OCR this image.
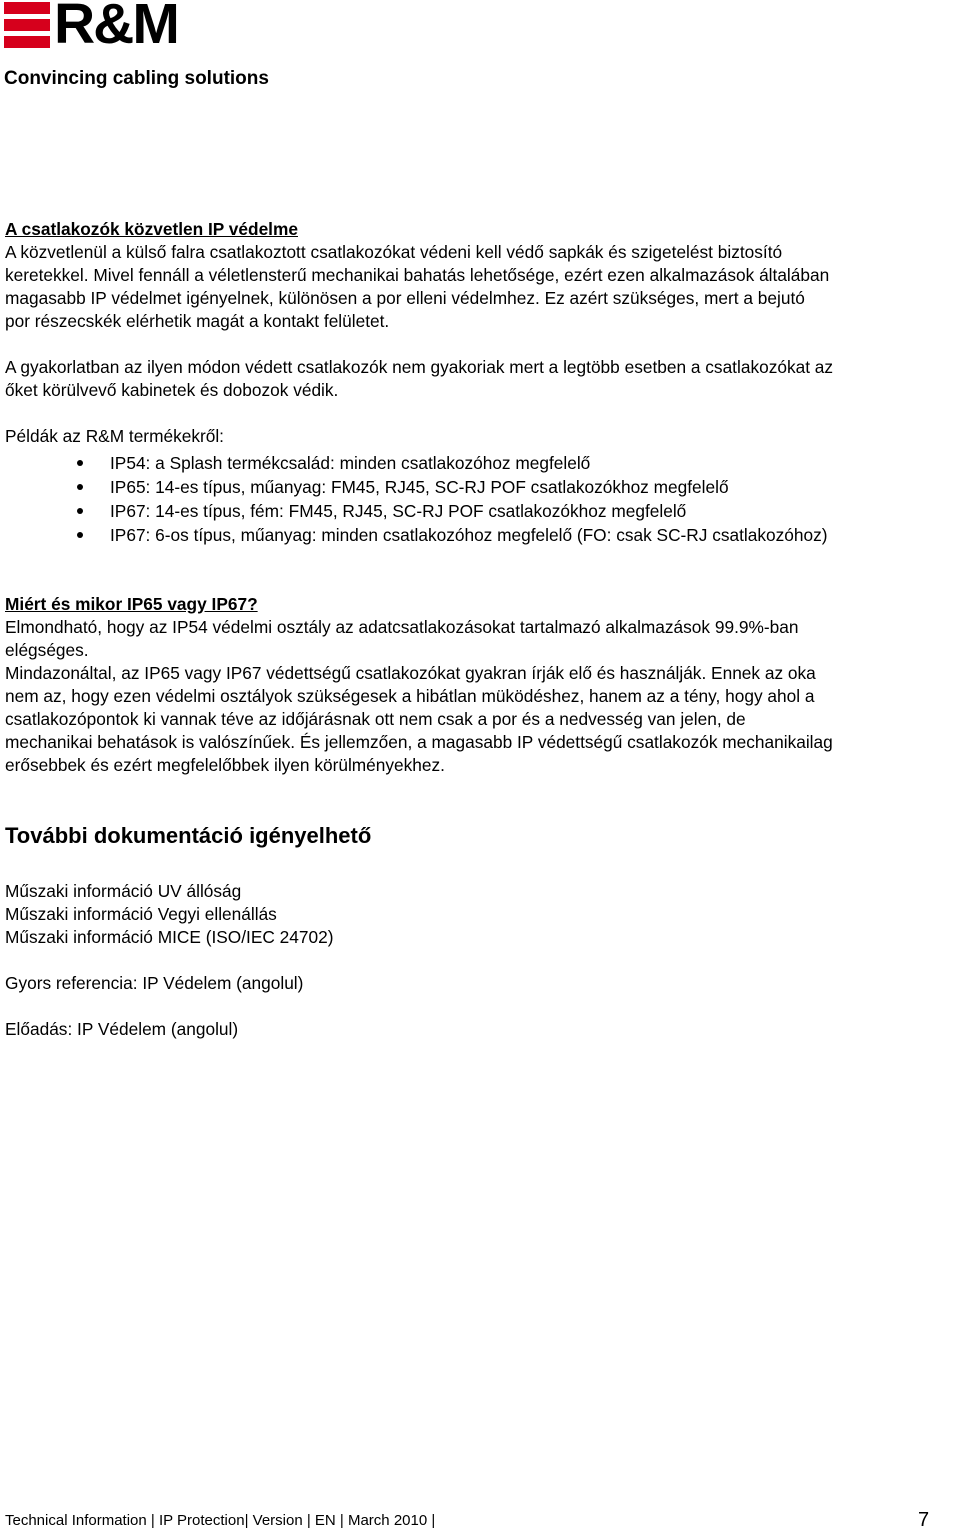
R&M
Convincing cabling solutions
A csatlakozók közvetlen IP védelme
A közvetlenül a külső falra csatlakoztott csatlakozókat védeni kell védő sapkák és szigetelést biztosító
keretekkel. Mivel fennáll a véletlensterű mechanikai bahatás lehetősége, ezért ezen alkalmazások általában
magasabb IP védelmet igényelnek, különösen a por elleni védelmhez. Ez azért szükséges, mert a bejutó
por részecskék elérhetik magát a kontakt felületet.
A gyakorlatban az ilyen módon védett csatlakozók nem gyakoriak mert a legtöbb esetben a csatlakozókat az
őket körülvevő kabinetek és dobozok védik.
Példák az R&M termékekről:
IP54: a Splash termékcsalád: minden csatlakozóhoz megfelelő
IP65: 14-es típus, műanyag: FM45, RJ45, SC-RJ POF csatlakozókhoz megfelelő
IP67: 14-es típus, fém: FM45, RJ45, SC-RJ POF csatlakozókhoz megfelelő
IP67: 6-os típus, műanyag: minden csatlakozóhoz megfelelő (FO: csak SC-RJ csatlakozóhoz)
Miért és mikor IP65 vagy IP67?
Elmondható, hogy az IP54 védelmi osztály az adatcsatlakozásokat tartalmazó alkalmazások 99.9%-ban
elégséges.
Mindazonáltal, az IP65 vagy IP67 védettségű csatlakozókat gyakran írják elő és használják. Ennek az oka
nem az, hogy ezen védelmi osztályok szükségesek a hibátlan müködéshez, hanem az a tény, hogy ahol a
csatlakozópontok ki vannak téve az időjárásnak ott nem csak a por és a nedvesség van jelen, de
mechanikai behatások is valószínűek. És jellemzően, a magasabb IP védettségű csatlakozók mechanikailag
erősebbek és ezért megfelelőbbek ilyen körülményekhez.
További dokumentáció igényelhető
Műszaki információ UV állóság
Műszaki információ Vegyi ellenállás
Műszaki információ MICE (ISO/IEC 24702)
Gyors referencia: IP Védelem (angolul)
Előadás: IP Védelem (angolul)
Technical Information | IP Protection| Version | EN | March 2010 |	7
